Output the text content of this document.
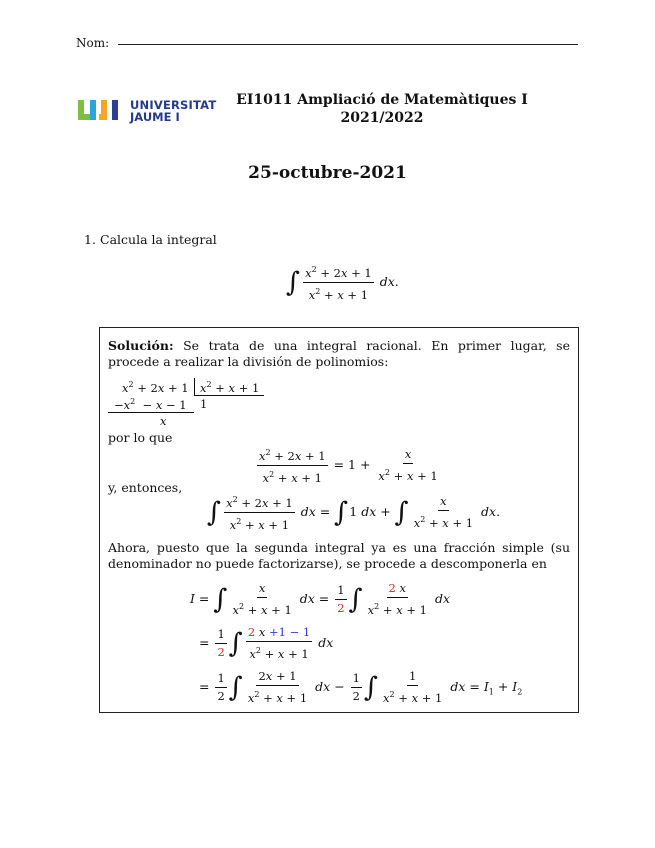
Nom:
UNIVERSITAT
JAUME I
EI1011 Ampliació de Matemàtiques I
2021/2022
25-octubre-2021
1. Calcula la integral
∫ $\frac{x^2 + 2x + 1}{x^2 + x + 1}$ dx.
Solución: Se trata de una integral racional. En primer lugar, se procede a realizar la división de polinomios:
$x^2 + 2x + 1$ $x^2 + x + 1$
1
$-x^2 - x - 1$
x
por lo que
$\frac{x^2 + 2x + 1}{x^2 + x + 1} = 1 + \frac{x}{x^2 + x + 1}$
y, entonces,
∫ $\frac{x^2 + 2x + 1}{x^2 + x + 1}$ dx = ∫1 dx + ∫ $\frac{x}{x^2 + x + 1}$ dx.
Ahora, puesto que la segunda integral ya es una fracción simple (su denominador no puede factorizarse), se procede a descomponerla en
I = ∫ $\frac{x}{x^2 + x + 1}$ dx = $\frac{1}{2}$ ∫ $\frac{2 x}{x^2 + x + 1}$ dx
= $\frac{1}{2}$ ∫ $\frac{2 x +1 - 1}{x^2 + x + 1}$ dx
= $\frac{1}{2}$ ∫ $\frac{2x + 1}{x^2 + x + 1}$ dx − $\frac{1}{2}$ ∫ $\frac{1}{x^2 + x + 1}$ dx = $I_1 + I_2$
